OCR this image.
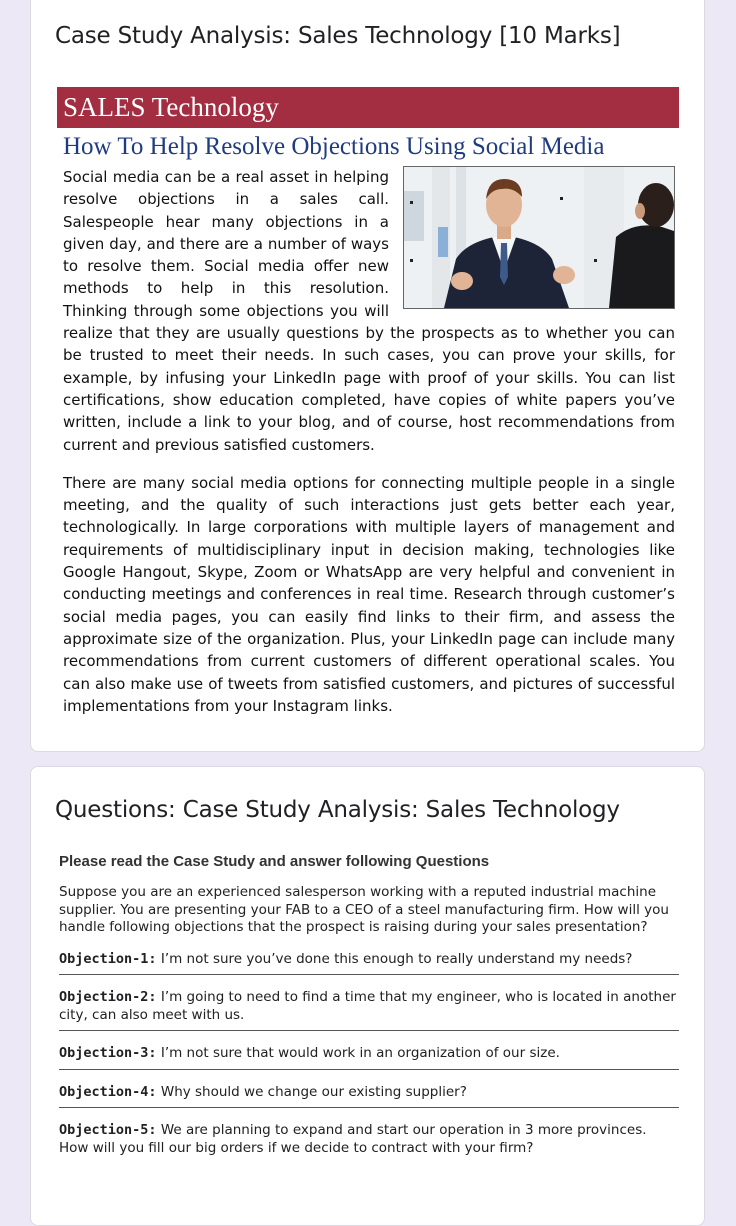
Case Study Analysis: Sales Technology [10 Marks]
SALES Technology
How To Help Resolve Objections Using Social Media
Social media can be a real asset in helping resolve objections in a sales call. Salespeople hear many objections in a given day, and there are a number of ways to resolve them. Social media offer new methods to help in this resolution. Thinking through some objections you will realize that they are usually questions by the prospects as to whether you can be trusted to meet their needs. In such cases, you can prove your skills, for example, by infusing your LinkedIn page with proof of your skills. You can list certifications, show education completed, have copies of white papers you’ve written, include a link to your blog, and of course, host recommendations from current and previous satisfied customers.
There are many social media options for connecting multiple people in a single meeting, and the quality of such interactions just gets better each year, technologically. In large corporations with multiple layers of management and requirements of multidisciplinary input in decision making, technologies like Google Hangout, Skype, Zoom or WhatsApp are very helpful and convenient in conducting meetings and conferences in real time. Research through customer’s social media pages, you can easily find links to their firm, and assess the approximate size of the organization. Plus, your LinkedIn page can include many recommendations from current customers of different operational scales. You can also make use of tweets from satisfied customers, and pictures of successful implementations from your Instagram links.
Questions: Case Study Analysis: Sales Technology
Please read the Case Study and answer following Questions
Suppose you are an experienced salesperson working with a reputed industrial machine supplier. You are presenting your FAB to a CEO of a steel manufacturing firm. How will you handle following objections that the prospect is raising during your sales presentation?
Objection-1: I’m not sure you’ve done this enough to really understand my needs?
Objection-2: I’m going to need to find a time that my engineer, who is located in another city, can also meet with us.
Objection-3: I’m not sure that would work in an organization of our size.
Objection-4: Why should we change our existing supplier?
Objection-5: We are planning to expand and start our operation in 3 more provinces. How will you fill our big orders if we decide to contract with your firm?
